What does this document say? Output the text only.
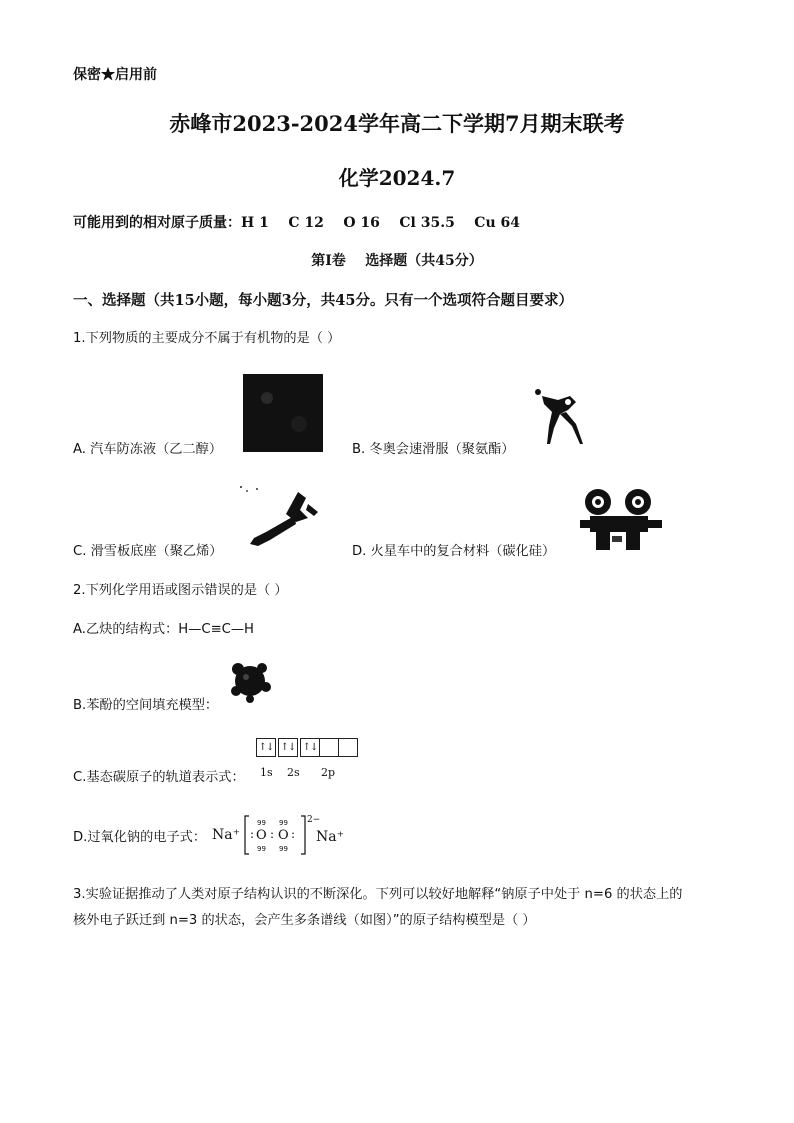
保密★启用前
赤峰市2023-2024学年高二下学期7月期末联考
化学2024.7
可能用到的相对原子质量：H 1    C 12    O 16    Cl 35.5    Cu 64
第Ⅰ卷    选择题（共45分）
一、选择题（共15小题，每小题3分，共45分。只有一个选项符合题目要求）
1.下列物质的主要成分不属于有机物的是（ ）
A. 汽车防冻液（乙二醇）	B. 冬奥会速滑服（聚氨酯）
C. 滑雪板底座（聚乙烯）	D. 火星车中的复合材料（碳化硅）
2.下列化学用语或图示错误的是（ ）
A.乙炔的结构式：H—C≡C—H
B.苯酚的空间填充模型：
↑↓ ↑↓ ↑↓
1s 2s 2p
C.基态碳原子的轨道表示式：
D.过氧化钠的电子式： Na⁺ O O
:
:	:
99 99
99 99
2−
Na⁺
3.实验证据推动了人类对原子结构认识的不断深化。下列可以较好地解释“钠原子中处于 n=6 的状态上的
核外电子跃迁到 n=3 的状态，会产生多条谱线（如图）”的原子结构模型是（ ）
